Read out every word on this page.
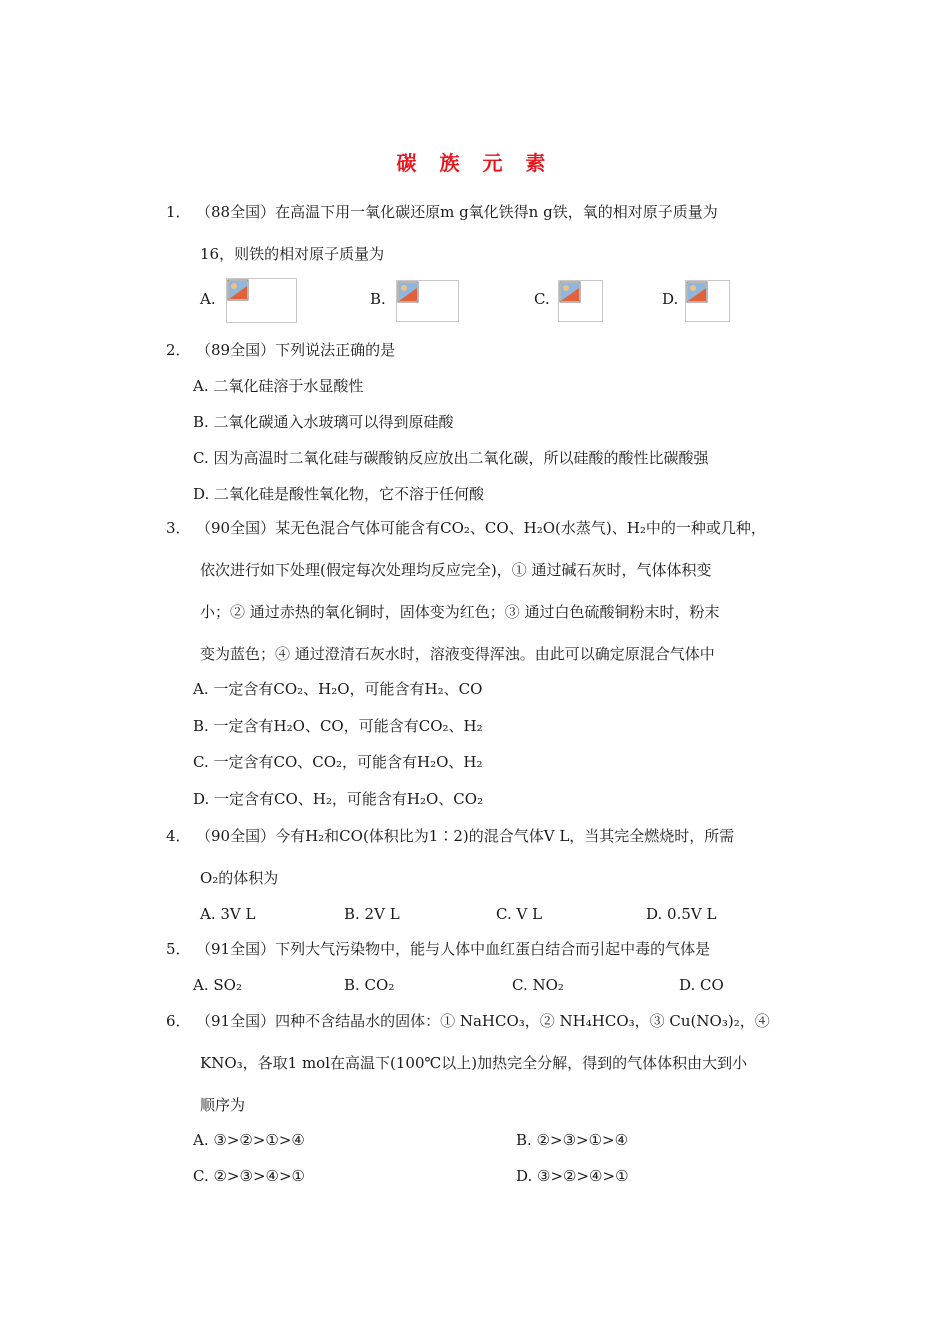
碳 族 元 素
1． （88全国）在高温下用一氧化碳还原m g氧化铁得n g铁，氧的相对原子质量为
16，则铁的相对原子质量为
A.	B.	C.	D.
2． （89全国）下列说法正确的是
A. 二氧化硅溶于水显酸性
B. 二氧化碳通入水玻璃可以得到原硅酸
C. 因为高温时二氧化硅与碳酸钠反应放出二氧化碳，所以硅酸的酸性比碳酸强
D. 二氧化硅是酸性氧化物，它不溶于任何酸
3． （90全国）某无色混合气体可能含有CO₂、CO、H₂O(水蒸气)、H₂中的一种或几种，
依次进行如下处理(假定每次处理均反应完全)，① 通过碱石灰时，气体体积变
小；② 通过赤热的氧化铜时，固体变为红色；③ 通过白色硫酸铜粉末时，粉末
变为蓝色；④ 通过澄清石灰水时，溶液变得浑浊。由此可以确定原混合气体中
A. 一定含有CO₂、H₂O，可能含有H₂、CO
B. 一定含有H₂O、CO，可能含有CO₂、H₂
C. 一定含有CO、CO₂，可能含有H₂O、H₂
D. 一定含有CO、H₂，可能含有H₂O、CO₂
4． （90全国）今有H₂和CO(体积比为1∶2)的混合气体V L，当其完全燃烧时，所需
O₂的体积为
A. 3V L	B. 2V L	C. V L	D. 0.5V L
5． （91全国）下列大气污染物中，能与人体中血红蛋白结合而引起中毒的气体是
A. SO₂	B. CO₂	C. NO₂	D. CO
6． （91全国）四种不含结晶水的固体：① NaHCO₃，② NH₄HCO₃，③ Cu(NO₃)₂，④
KNO₃，各取1 mol在高温下(100℃以上)加热完全分解，得到的气体体积由大到小
顺序为
A. ③>②>①>④	B. ②>③>①>④
C. ②>③>④>①	D. ③>②>④>①
